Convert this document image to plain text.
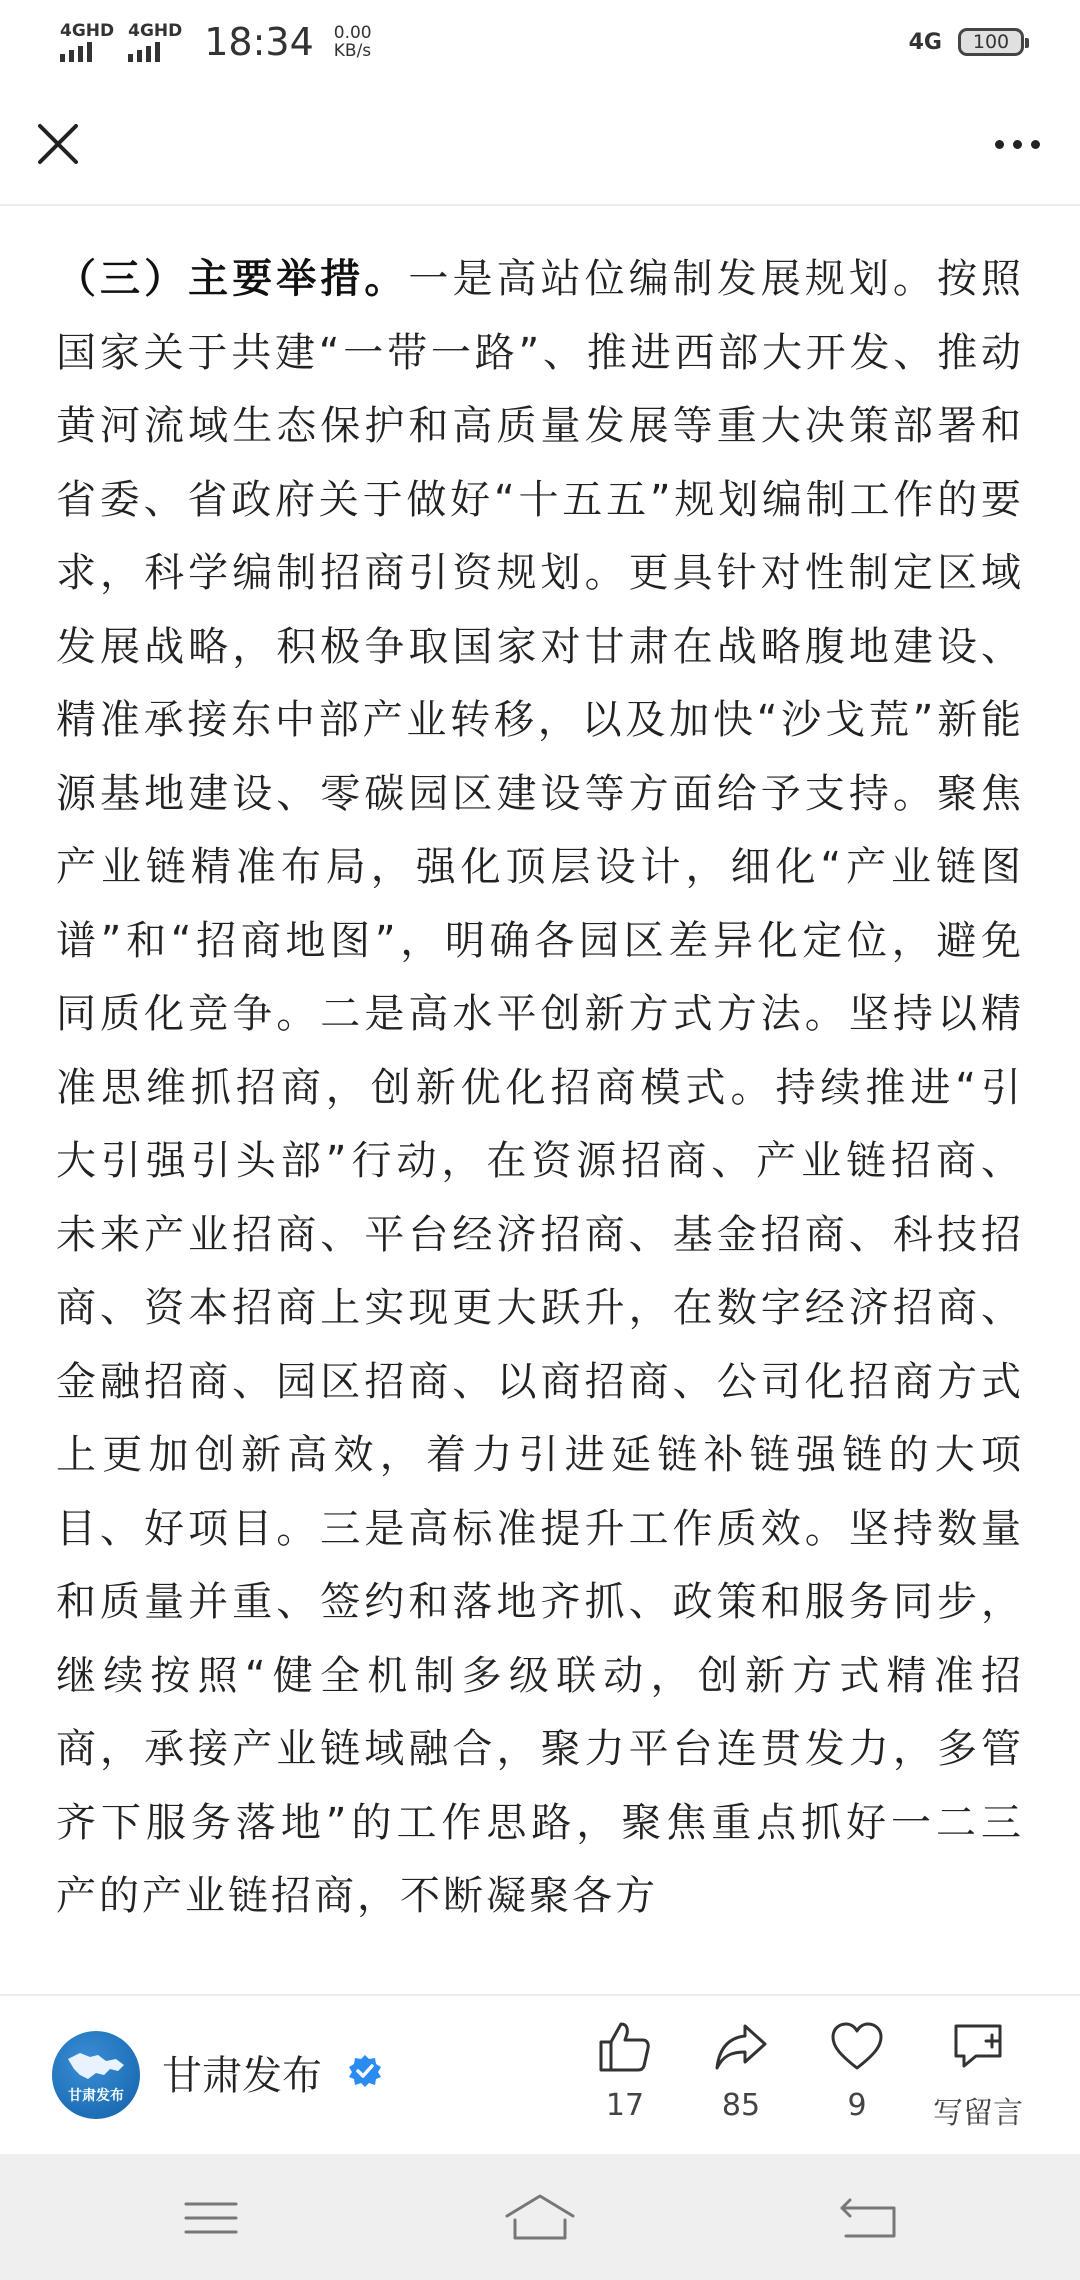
4GHD 4GHD 18:34 0.00
KB/s	4G 100

（三）主要举措。一是高站位编制发展规划。按照国家关于共建“一带一路”、推进西部大开发、推动黄河流域生态保护和高质量发展等重大决策部署和省委、省政府关于做好“十五五”规划编制工作的要求，科学编制招商引资规划。更具针对性制定区域发展战略，积极争取国家对甘肃在战略腹地建设、精准承接东中部产业转移，以及加快“沙戈荒”新能源基地建设、零碳园区建设等方面给予支持。聚焦产业链精准布局，强化顶层设计，细化“产业链图谱”和“招商地图”，明确各园区差异化定位，避免同质化竞争。二是高水平创新方式方法。坚持以精准思维抓招商，创新优化招商模式。持续推进“引大引强引头部”行动，在资源招商、产业链招商、未来产业招商、平台经济招商、基金招商、科技招商、资本招商上实现更大跃升，在数字经济招商、金融招商、园区招商、以商招商、公司化招商方式上更加创新高效，着力引进延链补链强链的大项目、好项目。三是高标准提升工作质效。坚持数量和质量并重、签约和落地齐抓、政策和服务同步，继续按照“健全机制多级联动，创新方式精准招商，承接产业链域融合，聚力平台连贯发力，多管齐下服务落地”的工作思路，聚焦重点抓好一二三产的产业链招商，不断凝聚各方

甘肃发布 甘肃发布
17	85	9	写留言
